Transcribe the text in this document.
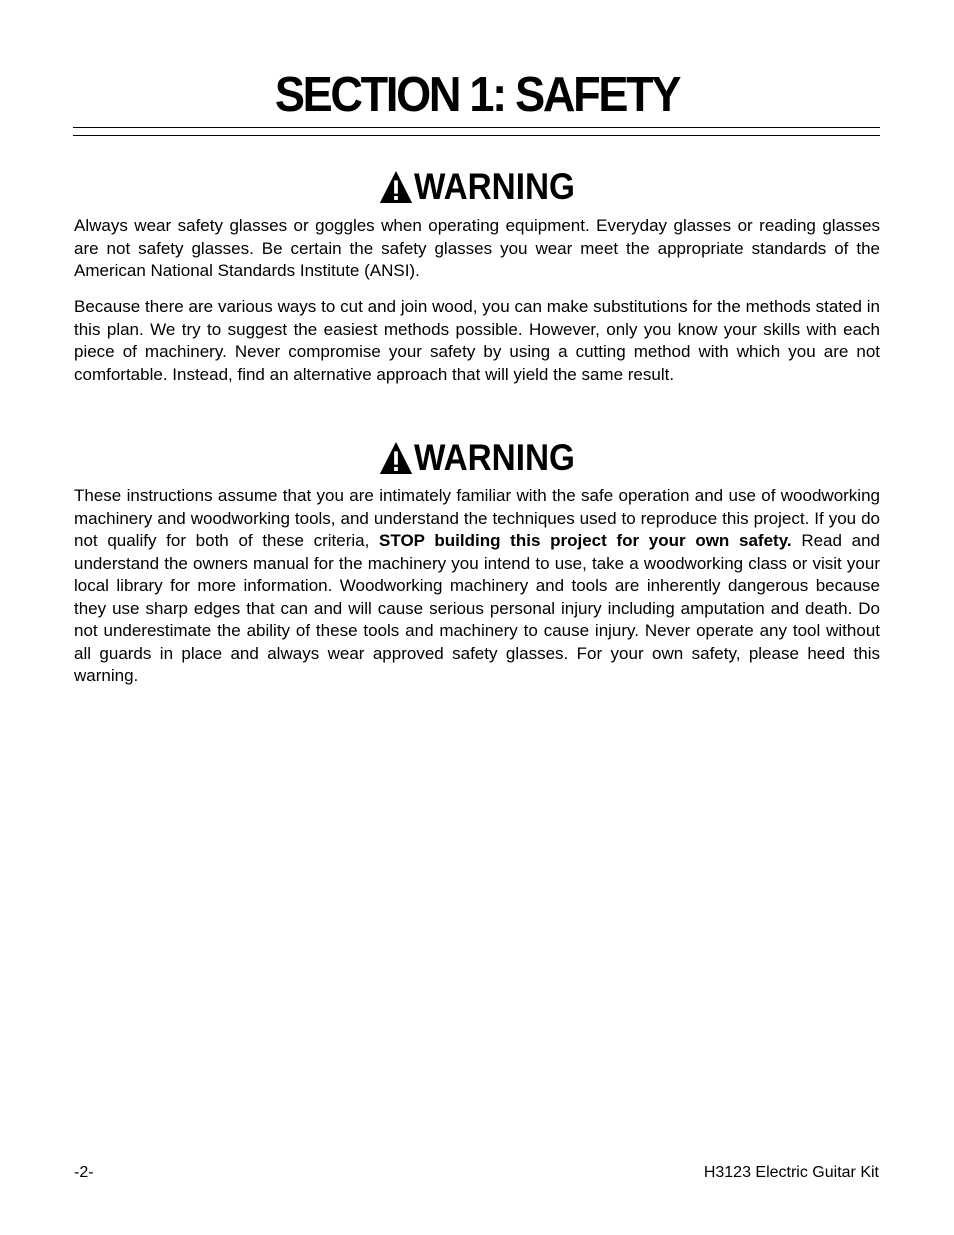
SECTION 1: SAFETY
WARNING

Always wear safety glasses or goggles when operating equipment. Everyday glasses or reading glasses are not safety glasses. Be certain the safety glasses you wear meet the appropriate standards of the American National Standards Institute (ANSI).

Because there are various ways to cut and join wood, you can make substitutions for the methods stated in this plan. We try to suggest the easiest methods possible. However, only you know your skills with each piece of machinery. Never compromise your safety by using a cutting method with which you are not comfortable. Instead, find an alternative approach that will yield the same result.

WARNING

These instructions assume that you are intimately familiar with the safe operation and use of woodworking machinery and woodworking tools, and understand the techniques used to reproduce this project. If you do not qualify for both of these criteria, STOP building this project for your own safety. Read and understand the owners manual for the machinery you intend to use, take a woodworking class or visit your local library for more information. Woodworking machinery and tools are inherently dangerous because they use sharp edges that can and will cause serious personal injury including amputation and death. Do not underestimate the ability of these tools and machinery to cause injury. Never operate any tool without all guards in place and always wear approved safety glasses. For your own safety, please heed this warning.

-2-	H3123 Electric Guitar Kit
